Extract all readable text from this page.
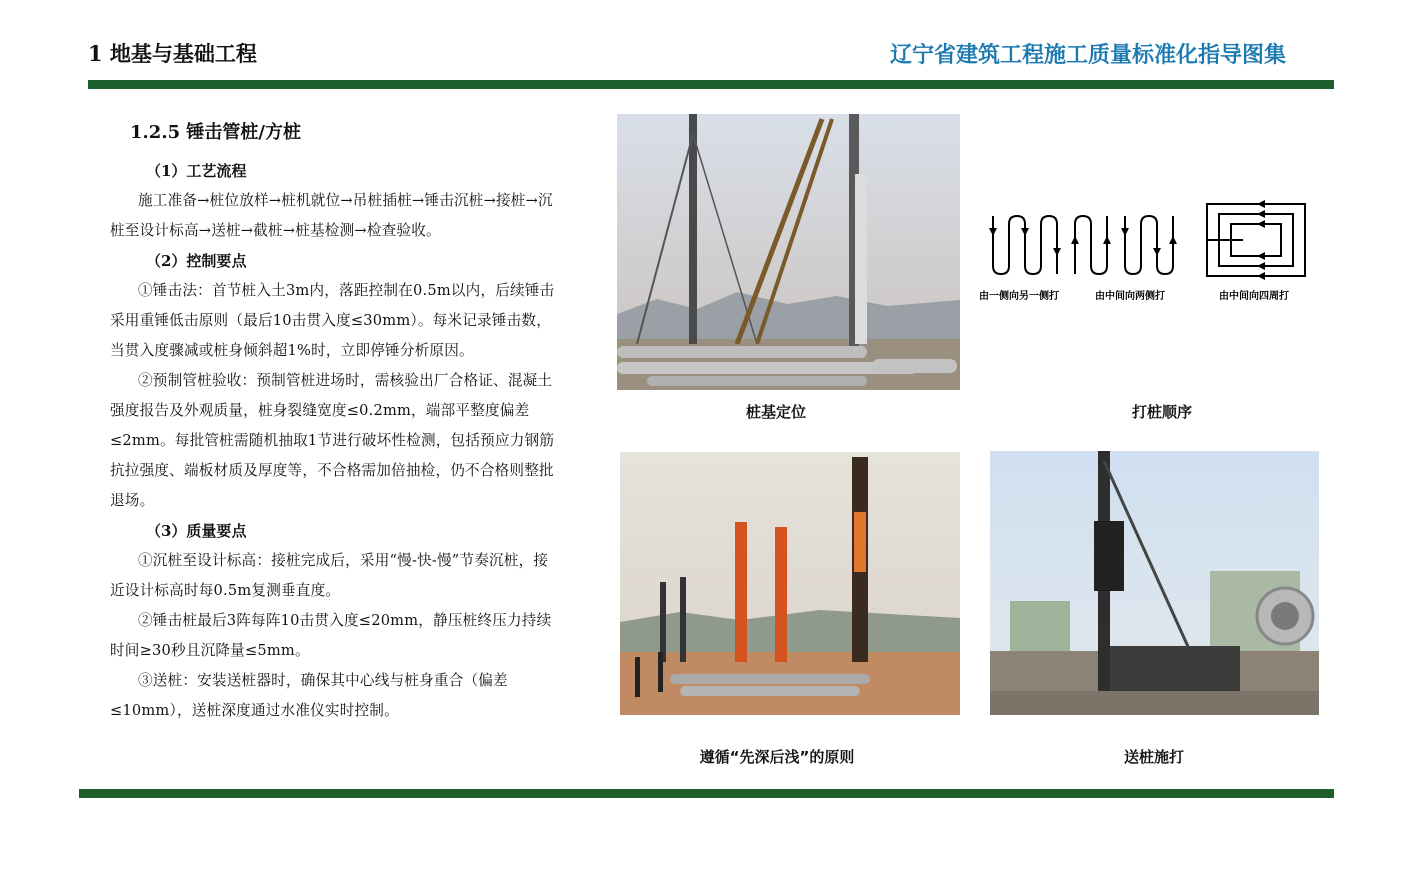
1 地基与基础工程	辽宁省建筑工程施工质量标准化指导图集
1.2.5 锤击管桩/方桩
（1）工艺流程

施工准备→桩位放样→桩机就位→吊桩插桩→锤击沉桩→接桩→沉桩至设计标高→送桩→截桩→桩基检测→检查验收。

（2）控制要点

①锤击法：首节桩入土3m内，落距控制在0.5m以内，后续锤击采用重锤低击原则（最后10击贯入度≤30mm）。每米记录锤击数，当贯入度骤减或桩身倾斜超1%时，立即停锤分析原因。

②预制管桩验收：预制管桩进场时，需核验出厂合格证、混凝土强度报告及外观质量，桩身裂缝宽度≤0.2mm，端部平整度偏差≤2mm。每批管桩需随机抽取1节进行破坏性检测，包括预应力钢筋抗拉强度、端板材质及厚度等，不合格需加倍抽检，仍不合格则整批退场。

（3）质量要点

①沉桩至设计标高：接桩完成后，采用“慢-快-慢”节奏沉桩，接近设计标高时每0.5m复测垂直度。

②锤击桩最后3阵每阵10击贯入度≤20mm，静压桩终压力持续时间≥30秒且沉降量≤5mm。

③送桩：安装送桩器时，确保其中心线与桩身重合（偏差≤10mm），送桩深度通过水准仪实时控制。

桩基定位
由一侧向另一侧打	由中间向两侧打	由中间向四周打
打桩顺序
遵循“先深后浅”的原则	送桩施打
